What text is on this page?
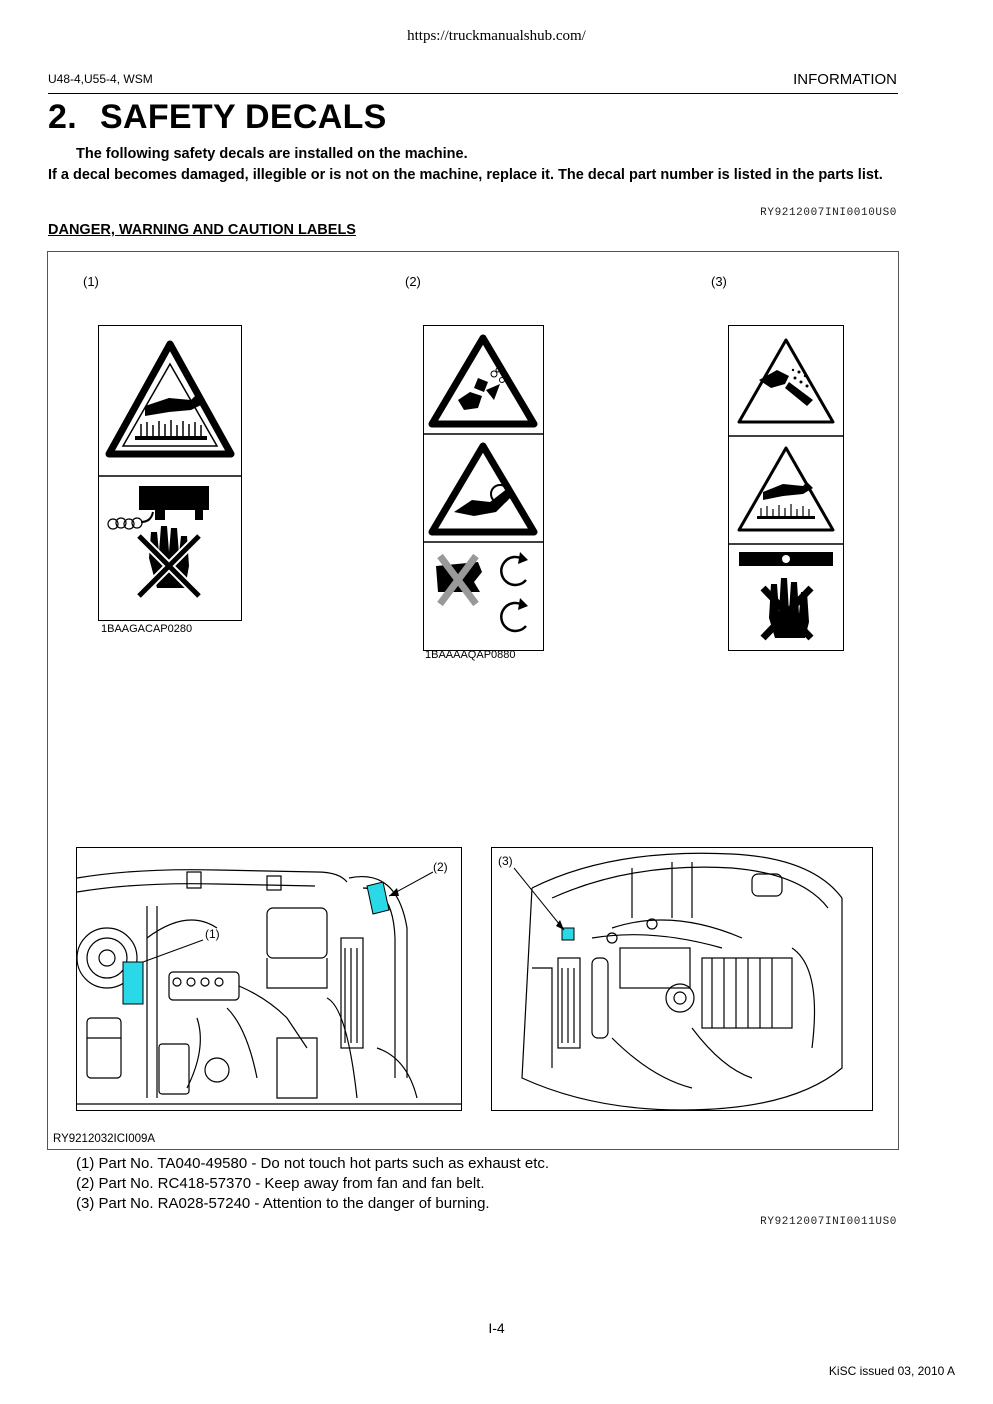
https://truckmanualshub.com/
U48-4,U55-4, WSM	INFORMATION
2. SAFETY DECALS
The following safety decals are installed on the machine.
If a decal becomes damaged, illegible or is not on the machine, replace it. The decal part number is listed in the parts list.
RY9212007INI0010US0
DANGER, WARNING AND CAUTION LABELS
(1)	(2)	(3)
1BAAGACAP0280
1BAAAAQAP0880
(1)
(2)	(3)
RY9212032ICI009A
(1) Part No. TA040-49580 - Do not touch hot parts such as exhaust etc.
(2) Part No. RC418-57370 - Keep away from fan and fan belt.
(3) Part No. RA028-57240 - Attention to the danger of burning.
RY9212007INI0011US0
I-4
KiSC issued 03, 2010 A
